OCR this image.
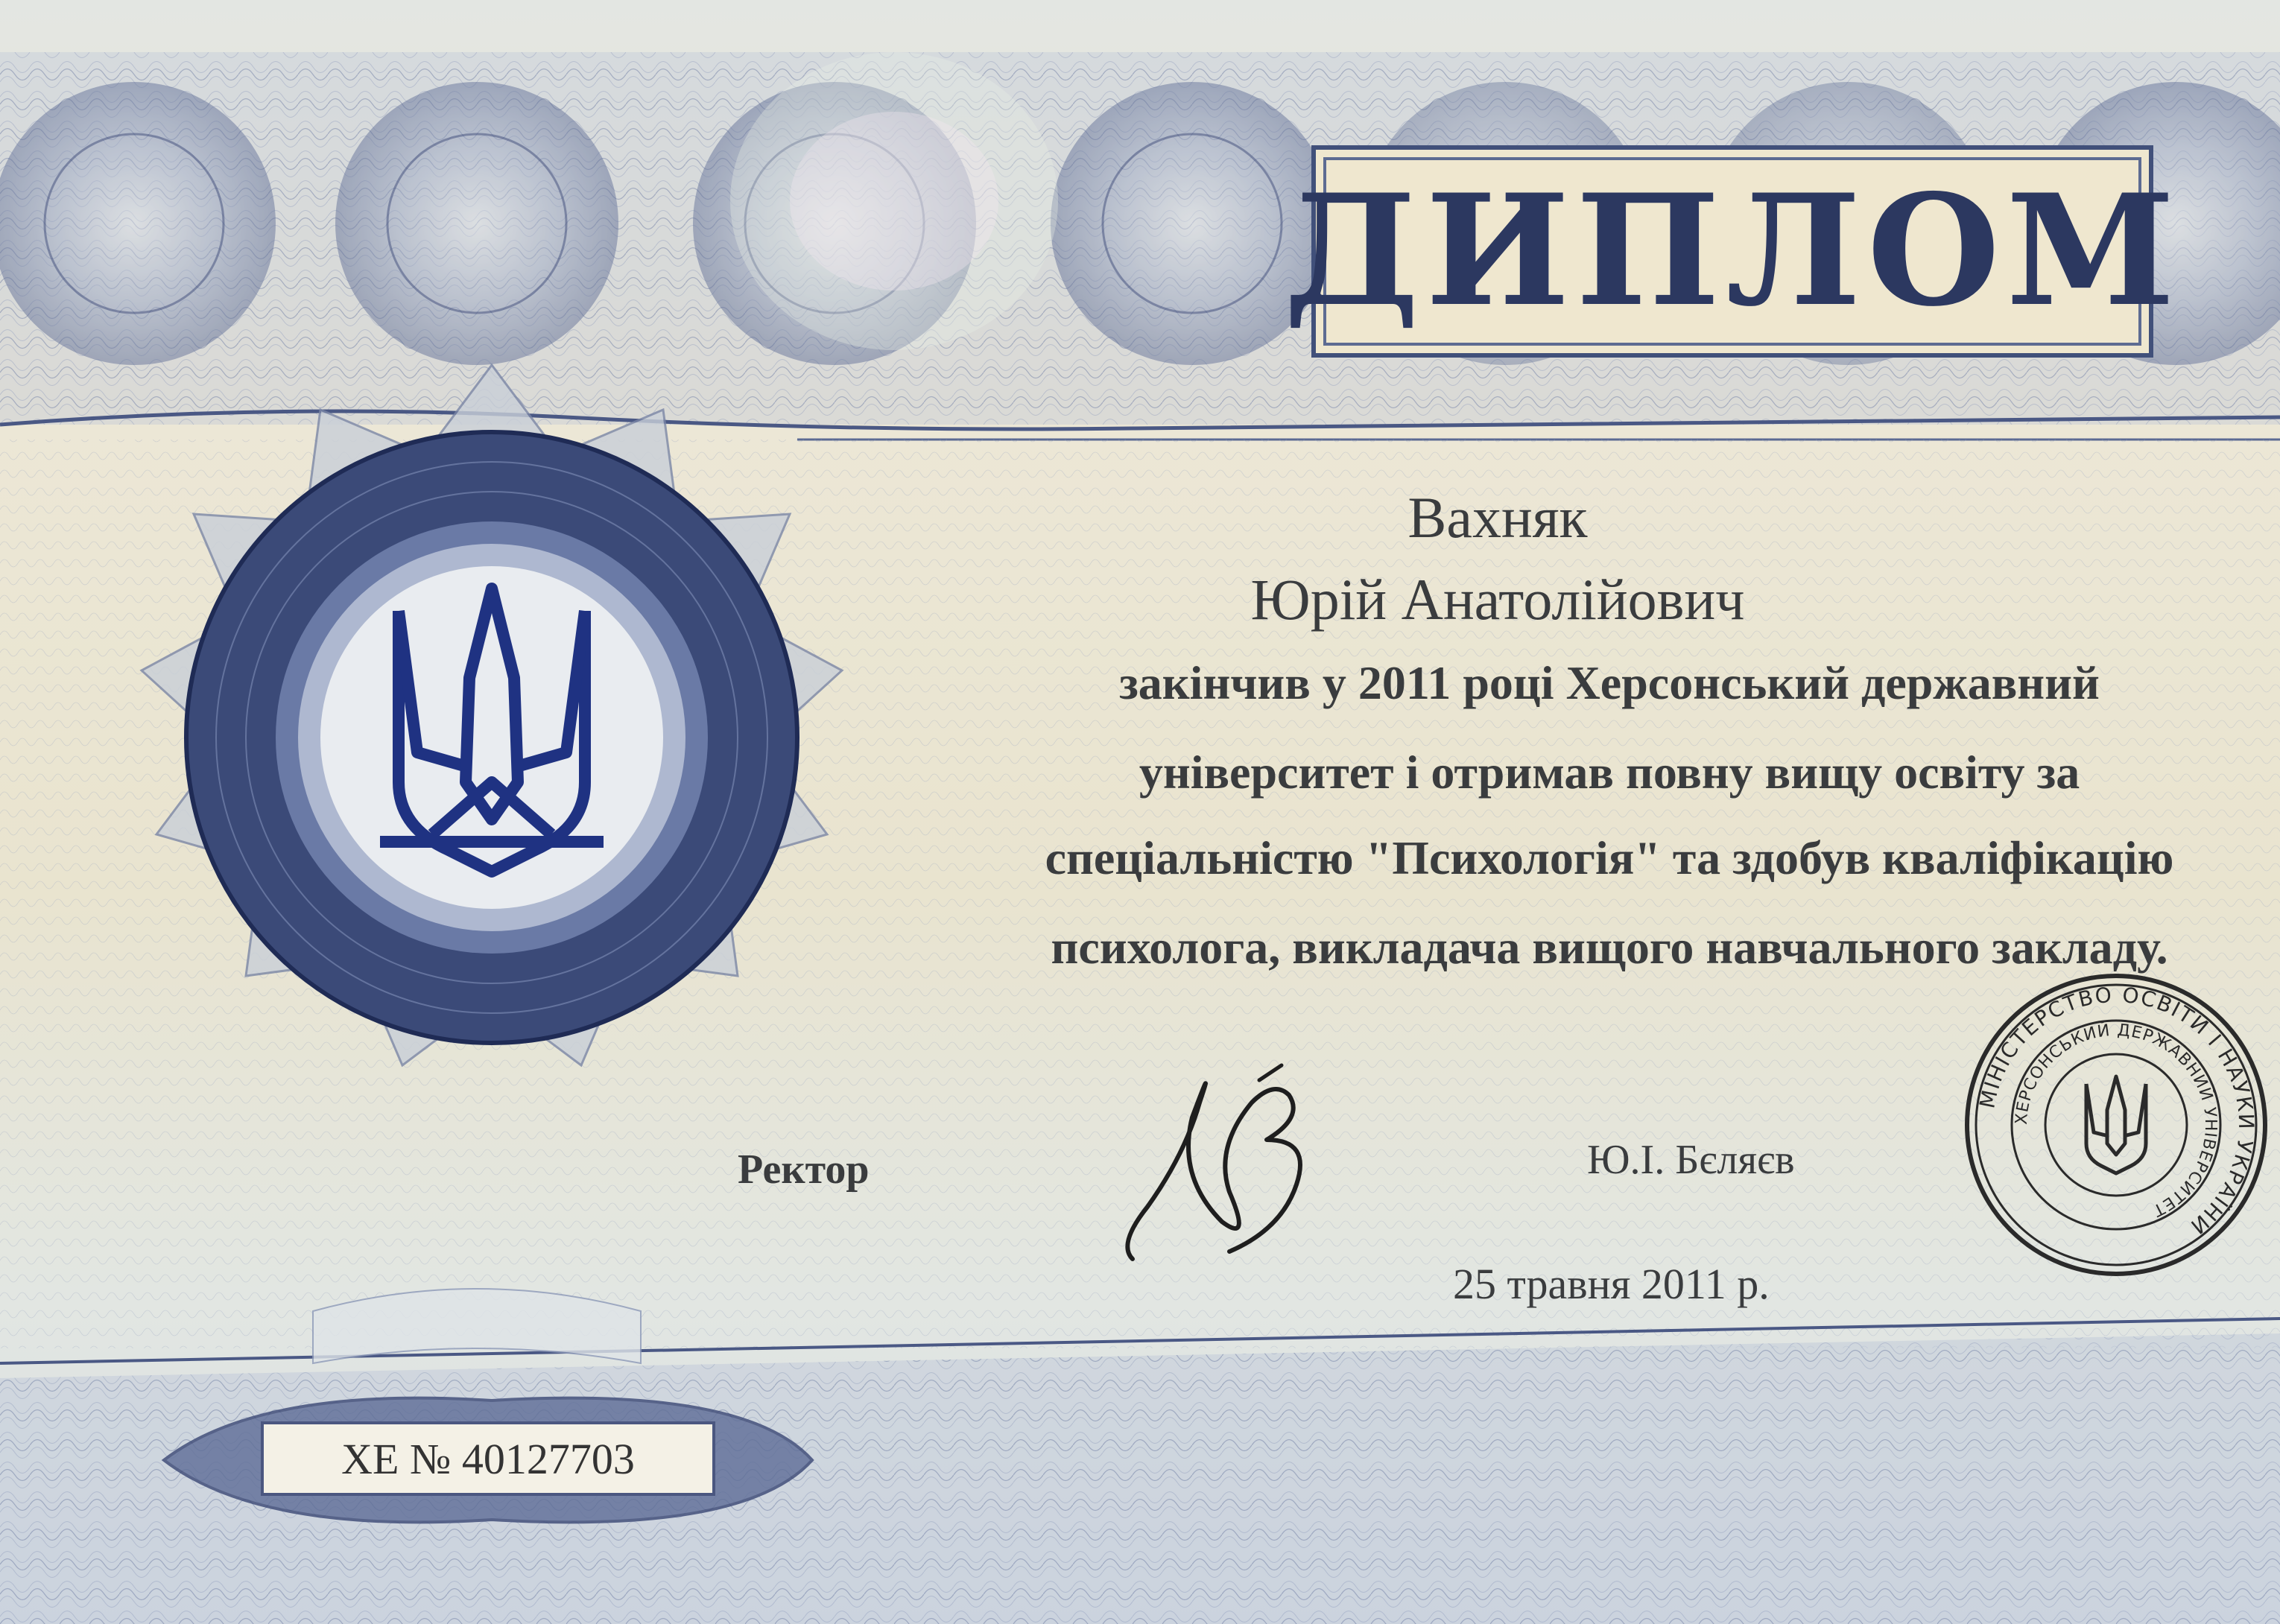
ДИПЛОМ
Вахняк
Юрій Анатолійович
закінчив у 2011 році Херсонський державний
університет і отримав повну вищу освіту за
спеціальністю "Психологія" та здобув кваліфікацію
психолога, викладача вищого навчального закладу.
Ректор	Ю.І. Бєляєв
МІНІСТЕРСТВО ОСВІТИ І НАУКИ УКРАЇНИ
ХЕРСОНСЬКИЙ ДЕРЖАВНИЙ УНІВЕРСИТЕТ
25 травня 2011 р.
ХЕ № 40127703
